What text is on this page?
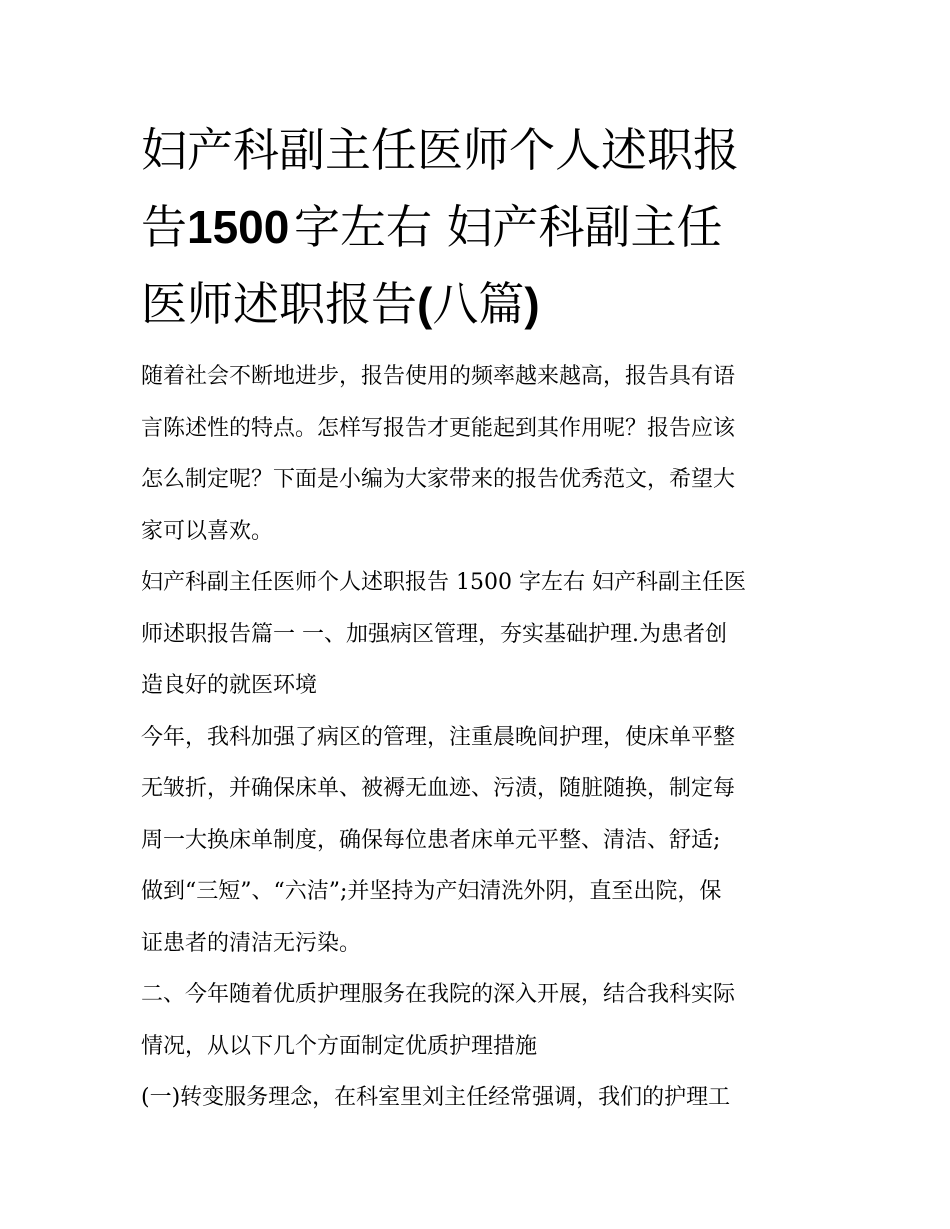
妇产科副主任医师个人述职报
告1500 字左右 妇产科副主任
医师述职报告(八篇)

随着社会不断地进步，报告使用的频率越来越高，报告具有语
言陈述性的特点。怎样写报告才更能起到其作用呢？报告应该
怎么制定呢？下面是小编为大家带来的报告优秀范文，希望大
家可以喜欢。

妇产科副主任医师个人述职报告 1500 字左右 妇产科副主任医
师述职报告篇一 一、加强病区管理，夯实基础护理.为患者创
造良好的就医环境

今年，我科加强了病区的管理，注重晨晚间护理，使床单平整
无皱折，并确保床单、被褥无血迹、污渍，随脏随换，制定每
周一大换床单制度，确保每位患者床单元平整、清洁、舒适;
做到“三短”、“六洁”;并坚持为产妇清洗外阴，直至出院，保
证患者的清洁无污染。

二、今年随着优质护理服务在我院的深入开展，结合我科实际
情况，从以下几个方面制定优质护理措施

(一)转变服务理念，在科室里刘主任经常强调，我们的护理工
